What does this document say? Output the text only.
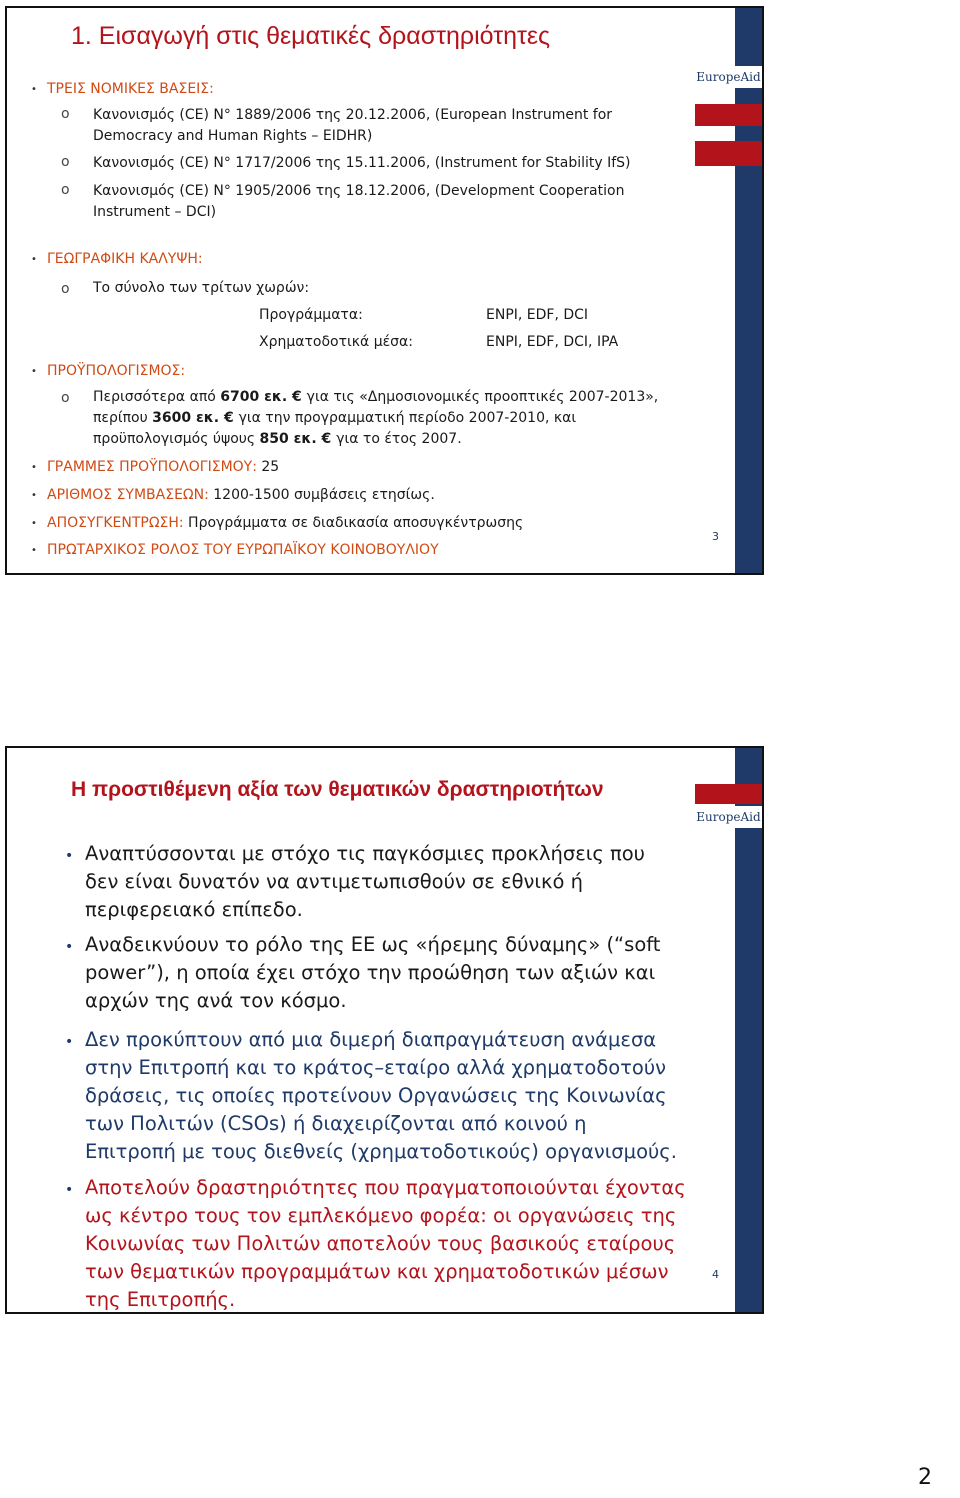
EuropeAid
1. Εισαγωγή στις θεματικές δραστηριότητες
• ΤΡΕΙΣ ΝΟΜΙΚΕΣ ΒΑΣΕΙΣ:
o Κανονισμός (CE) N° 1889/2006 της 20.12.2006, (European Instrument for
Democracy and Human Rights – EIDHR)
o Κανονισμός (CE) N° 1717/2006 της 15.11.2006, (Instrument for Stability IfS)
o Κανονισμός (CE) N° 1905/2006 της 18.12.2006, (Development Cooperation
Instrument – DCI)
• ΓΕΩΓΡΑΦΙΚΗ ΚΑΛΥΨΗ:
o Το σύνολο των τρίτων χωρών:
Προγράμματα:	ENPI, EDF, DCI
Χρηματοδοτικά μέσα:	ENPI, EDF, DCI, IPA
• ΠΡΟΫΠΟΛΟΓΙΣΜΟΣ:
o Περισσότερα από 6700 εκ. € για τις «Δημοσιονομικές προοπτικές 2007-2013»,
περίπου 3600 εκ. € για την προγραμματική περίοδο 2007-2010, και
προϋπολογισμός ύψους 850 εκ. € για το έτος 2007.
• ΓΡΑΜΜΕΣ ΠΡΟΫΠΟΛΟΓΙΣΜΟΥ: 25
• ΑΡΙΘΜΟΣ ΣΥΜΒΑΣΕΩΝ: 1200-1500 συμβάσεις ετησίως.
• ΑΠΟΣΥΓΚΕΝΤΡΩΣΗ: Προγράμματα σε διαδικασία αποσυγκέντρωσης
• ΠΡΩΤΑΡΧΙΚΟΣ ΡΟΛΟΣ ΤΟΥ ΕΥΡΩΠΑΪΚΟΥ ΚΟΙΝΟΒΟΥΛΙΟΥ
3
EuropeAid
Η προστιθέμενη αξία των θεματικών δραστηριοτήτων
• Αναπτύσσονται με στόχο τις παγκόσμιες προκλήσεις που
δεν είναι δυνατόν να αντιμετωπισθούν σε εθνικό ή
περιφερειακό επίπεδο.
• Αναδεικνύουν το ρόλο της ΕΕ ως «ήρεμης δύναμης» (“soft
power”), η οποία έχει στόχο την προώθηση των αξιών και
αρχών της ανά τον κόσμο.
• Δεν προκύπτουν από μια διμερή διαπραγμάτευση ανάμεσα
στην Επιτροπή και το κράτος–εταίρο αλλά χρηματοδοτούν
δράσεις, τις οποίες προτείνουν Οργανώσεις της Κοινωνίας
των Πολιτών (CSOs) ή διαχειρίζονται από κοινού η
Επιτροπή με τους διεθνείς (χρηματοδοτικούς) οργανισμούς.
• Αποτελούν δραστηριότητες που πραγματοποιούνται έχοντας
ως κέντρο τους τον εμπλεκόμενο φορέα: οι οργανώσεις της
Κοινωνίας των Πολιτών αποτελούν τους βασικούς εταίρους
των θεματικών προγραμμάτων και χρηματοδοτικών μέσων
της Επιτροπής.
4
2
